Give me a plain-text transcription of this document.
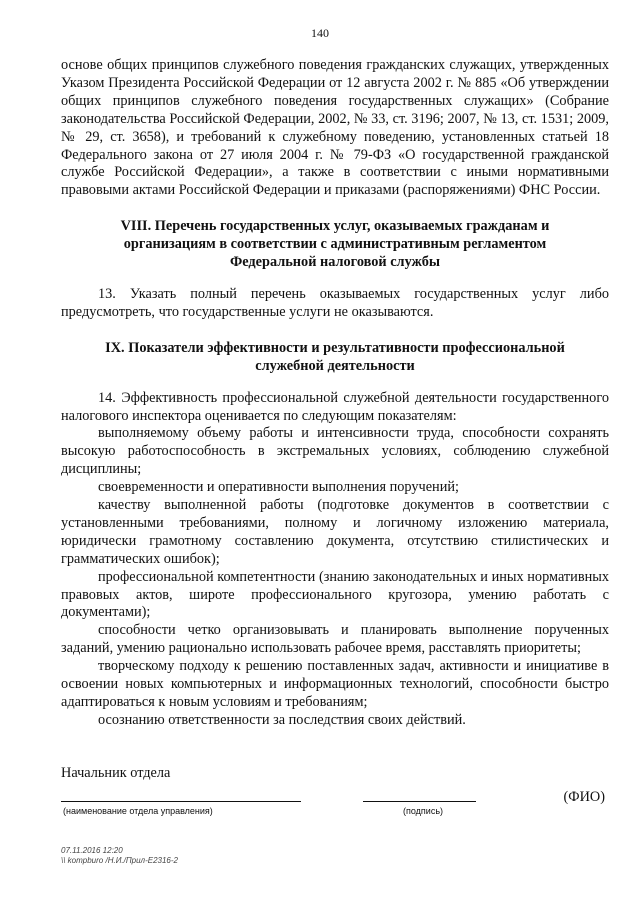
140

основе общих принципов служебного поведения гражданских служащих, утвержденных Указом Президента Российской Федерации от 12 августа 2002 г. № 885 «Об утверждении общих принципов служебного поведения государственных служащих» (Собрание законодательства Российской Федерации, 2002, № 33, ст. 3196; 2007, № 13, ст. 1531; 2009, № 29, ст. 3658), и требований к служебному поведению, установленных статьей 18 Федерального закона от 27 июля 2004 г. № 79-ФЗ «О государственной гражданской службе Российской Федерации», а также в соответствии с иными нормативными правовыми актами Российской Федерации и приказами (распоряжениями) ФНС России.

VIII. Перечень государственных услуг, оказываемых гражданам и организациям в соответствии с административным регламентом Федеральной налоговой службы

13. Указать полный перечень оказываемых государственных услуг либо предусмотреть, что государственные услуги не оказываются.

IX. Показатели эффективности и результативности профессиональной служебной деятельности

14. Эффективность профессиональной служебной деятельности государственного налогового инспектора оценивается по следующим показателям:

выполняемому объему работы и интенсивности труда, способности сохранять высокую работоспособность в экстремальных условиях, соблюдению служебной дисциплины;

своевременности и оперативности выполнения поручений;

качеству выполненной работы (подготовке документов в соответствии с установленными требованиями, полному и логичному изложению материала, юридически грамотному составлению документа, отсутствию стилистических и грамматических ошибок);

профессиональной компетентности (знанию законодательных и иных нормативных правовых актов, широте профессионального кругозора, умению работать с документами);

способности четко организовывать и планировать выполнение порученных заданий, умению рационально использовать рабочее время, расставлять приоритеты;

творческому подходу к решению поставленных задач, активности и инициативе в освоении новых компьютерных и информационных технологий, способности быстро адаптироваться к новым условиям и требованиям;

осознанию ответственности за последствия своих действий.

Начальник отдела
(ФИО)
(наименование отдела управления)	(подпись)
07.11.2016 12:20
\\ kompburo /Н.И./Прил-Е2316-2
